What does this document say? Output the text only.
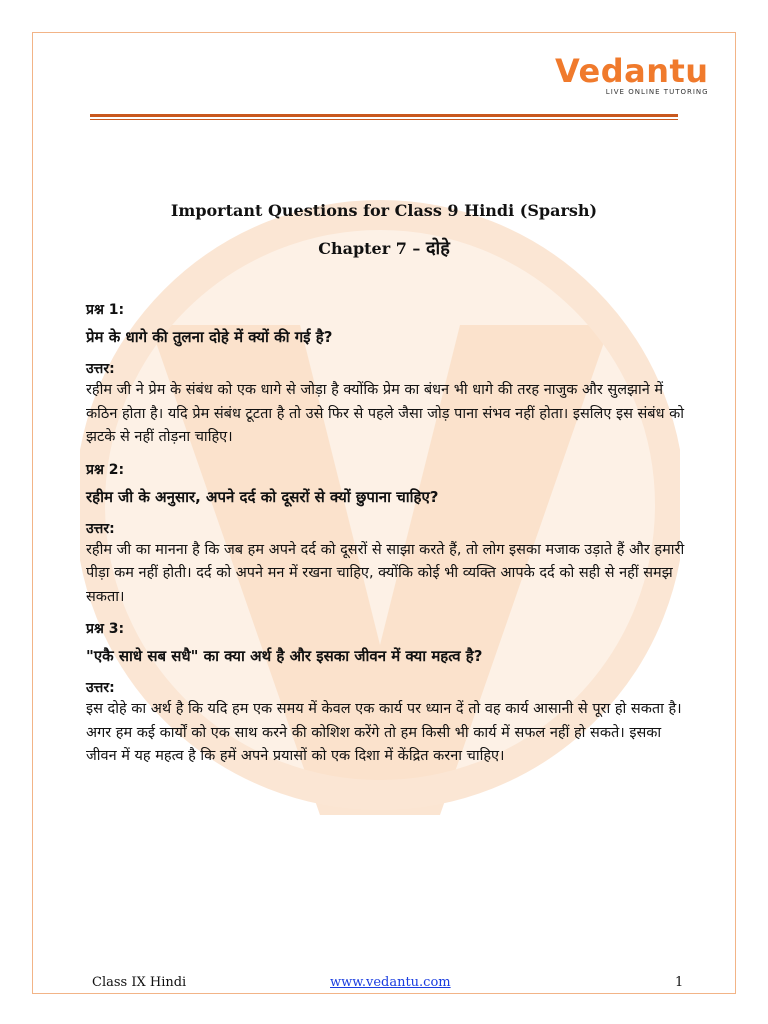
Vedantu
LIVE ONLINE TUTORING
Important Questions for Class 9 Hindi (Sparsh)
Chapter 7 – दोहे
प्रश्न 1:
प्रेम के धागे की तुलना दोहे में क्यों की गई है?
उत्तर:
रहीम जी ने प्रेम के संबंध को एक धागे से जोड़ा है क्योंकि प्रेम का बंधन भी धागे की तरह नाजुक और सुलझाने में कठिन होता है। यदि प्रेम संबंध टूटता है तो उसे फिर से पहले जैसा जोड़ पाना संभव नहीं होता। इसलिए इस संबंध को झटके से नहीं तोड़ना चाहिए।
प्रश्न 2:
रहीम जी के अनुसार, अपने दर्द को दूसरों से क्यों छुपाना चाहिए?
उत्तर:
रहीम जी का मानना है कि जब हम अपने दर्द को दूसरों से साझा करते हैं, तो लोग इसका मजाक उड़ाते हैं और हमारी पीड़ा कम नहीं होती। दर्द को अपने मन में रखना चाहिए, क्योंकि कोई भी व्यक्ति आपके दर्द को सही से नहीं समझ सकता।
प्रश्न 3:
"एकै साधे सब सधै" का क्या अर्थ है और इसका जीवन में क्या महत्व है?
उत्तर:
इस दोहे का अर्थ है कि यदि हम एक समय में केवल एक कार्य पर ध्यान दें तो वह कार्य आसानी से पूरा हो सकता है। अगर हम कई कार्यों को एक साथ करने की कोशिश करेंगे तो हम किसी भी कार्य में सफल नहीं हो सकते। इसका जीवन में यह महत्व है कि हमें अपने प्रयासों को एक दिशा में केंद्रित करना चाहिए।
Class IX Hindi	www.vedantu.com	1
